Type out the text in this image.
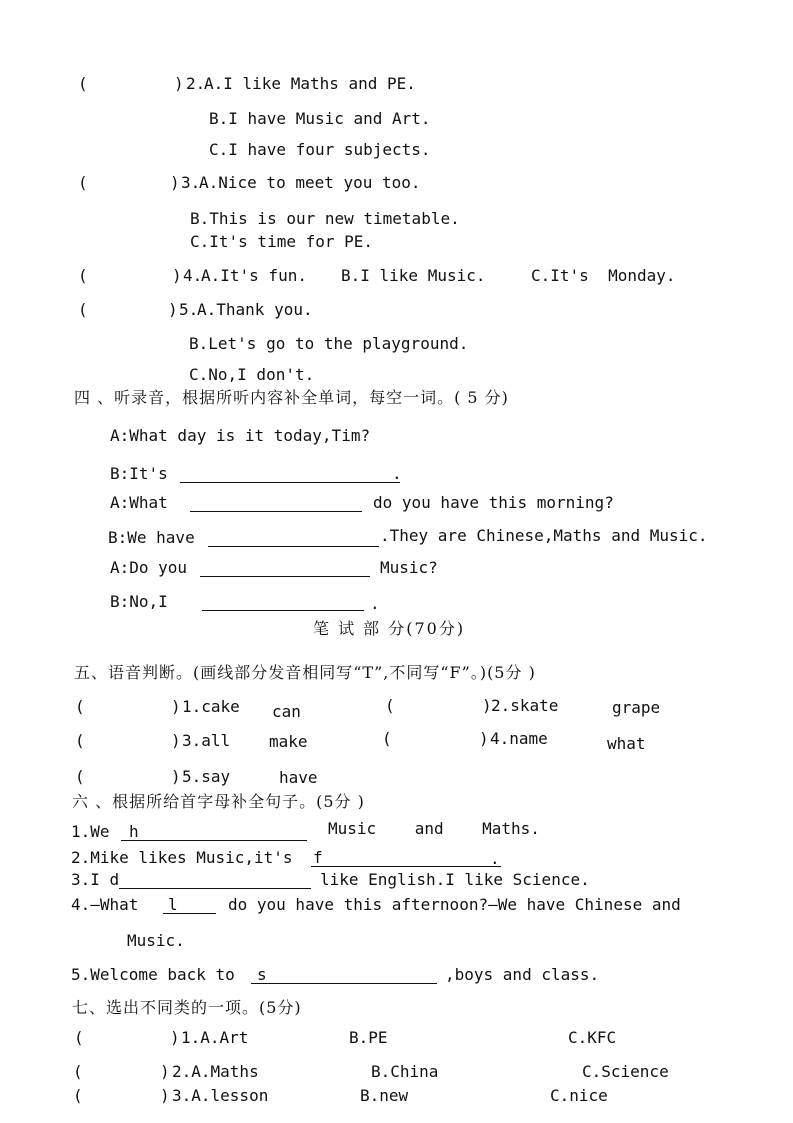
(	) 2.
A.I like Maths and PE.
B.I have Music and Art.
C.I have four subjects.
(	) 3.
A.Nice to meet you too.
B.This is our new timetable.
C.It's time for PE.
(	) 4.
A.It's fun. B.I like Music.	C.It's  Monday.
(	) 5.
A.Thank you.
B.Let's go to the playground.
C.No,I don't.
四 、听录音，根据所听内容补全单词，每空一词。( 5 分)
A:What day is it today,Tim?
B:It's	.
A:What	do you have this morning?
B:We have	.They are Chinese,Maths and Music.
A:Do you	Music?
B:No,I	.
笔 试 部 分(70分)
五、语音判断。(画线部分发音相同写“T”,不同写“F”。)(5分 )
(	) 1.cake can	(	) 2.skate	grape
(	) 3.all make	(	) 4.name	what
(	) 5.say	have
六 、根据所给首字母补全句子。(5分 )
1.We	h	Music    and    Maths.
2.Mike likes Music,it's f	.
3.I d	like English.I like Science.
4.—What	l	do you have this afternoon?—We have Chinese and
Music.
5.Welcome back to	s	,boys and class.
七、选出不同类的一项。(5分)
(	) 1.A.Art	B.PE	C.KFC
(	) 2.A.Maths	B.China	C.Science
(	) 3.A.lesson	B.new	C.nice
